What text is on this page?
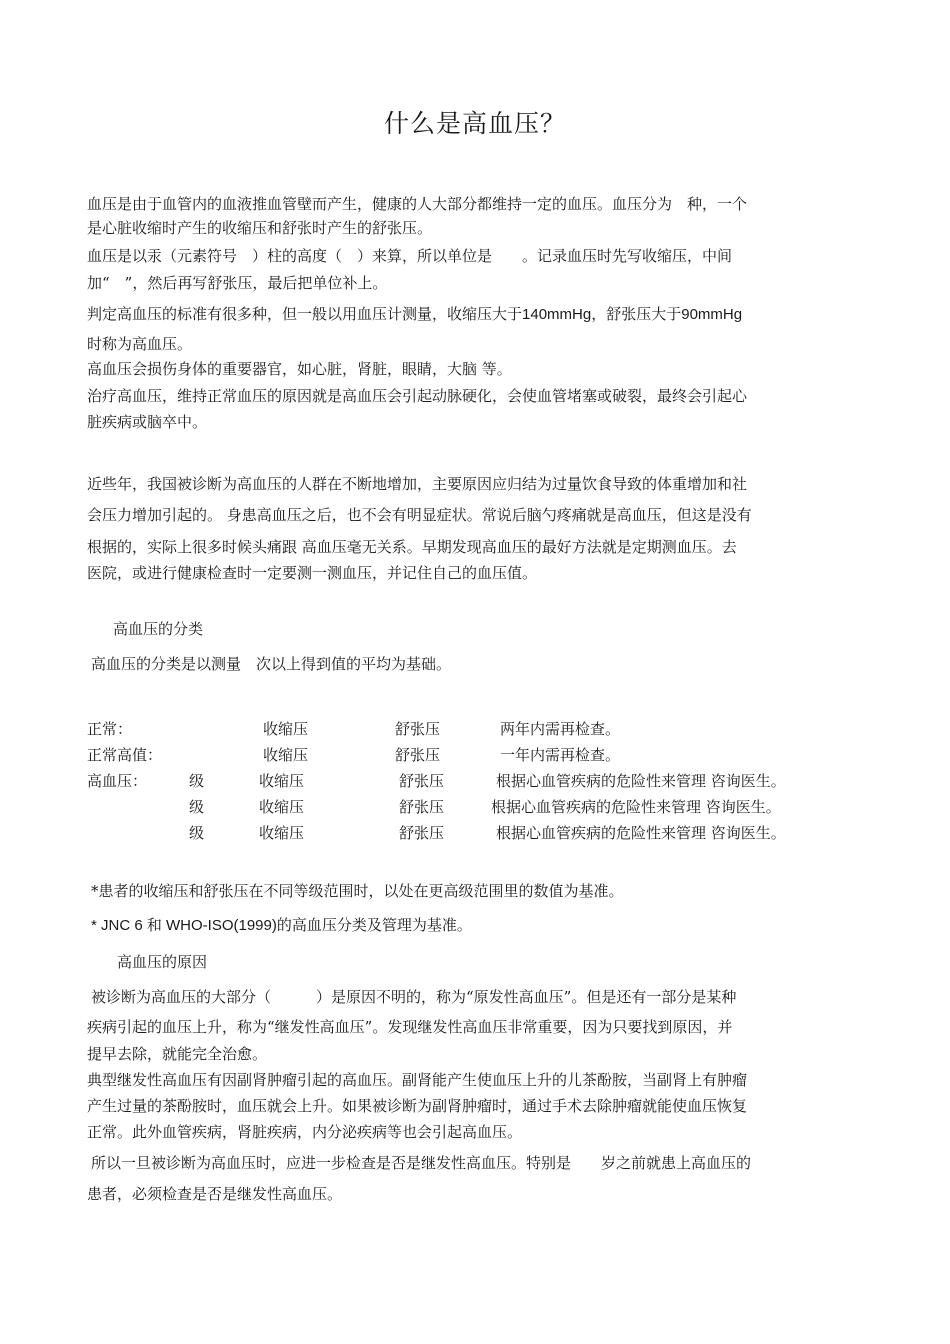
什么是高血压？
血压是由于血管内的血液推血管壁而产生，健康的人大部分都维持一定的血压。血压分为　种，一个
是心脏收缩时产生的收缩压和舒张时产生的舒张压。
血压是以汞（元素符号　）柱的高度（　）来算，所以单位是　　。记录血压时先写收缩压，中间
加“　”，然后再写舒张压，最后把单位补上。
判定高血压的标准有很多种，但一般以用血压计测量，收缩压大于140mmHg，舒张压大于90mmHg
时称为高血压。
高血压会损伤身体的重要器官，如心脏，肾脏，眼睛，大脑 等。
治疗高血压，维持正常血压的原因就是高血压会引起动脉硬化，会使血管堵塞或破裂，最终会引起心
脏疾病或脑卒中。
近些年，我国被诊断为高血压的人群在不断地增加，主要原因应归结为过量饮食导致的体重增加和社
会压力增加引起的。 身患高血压之后，也不会有明显症状。常说后脑勺疼痛就是高血压，但这是没有
根据的，实际上很多时候头痛跟 高血压毫无关系。早期发现高血压的最好方法就是定期测血压。去
医院，或进行健康检查时一定要测一测血压，并记住自己的血压值。
高血压的分类
高血压的分类是以测量　次以上得到值的平均为基础。
正常：	收缩压	舒张压	两年内需再检查。
正常高值：	收缩压	舒张压	一年内需再检查。
高血压：	级	收缩压	舒张压	根据心血管疾病的危险性来管理 咨询医生。
级	收缩压	舒张压	根据心血管疾病的危险性来管理 咨询医生。
级	收缩压	舒张压	根据心血管疾病的危险性来管理 咨询医生。
*患者的收缩压和舒张压在不同等级范围时，以处在更高级范围里的数值为基准。
* JNC 6 和 WHO-ISO(1999)的高血压分类及管理为基准。
高血压的原因
被诊断为高血压的大部分（　　　）是原因不明的，称为“原发性高血压”。但是还有一部分是某种
疾病引起的血压上升，称为“继发性高血压”。发现继发性高血压非常重要，因为只要找到原因，并
提早去除，就能完全治愈。
典型继发性高血压有因副肾肿瘤引起的高血压。副肾能产生使血压上升的儿茶酚胺，当副肾上有肿瘤
产生过量的茶酚胺时，血压就会上升。如果被诊断为副肾肿瘤时，通过手术去除肿瘤就能使血压恢复
正常。此外血管疾病，肾脏疾病，内分泌疾病等也会引起高血压。
所以一旦被诊断为高血压时，应进一步检查是否是继发性高血压。特别是　　岁之前就患上高血压的
患者，必须检查是否是继发性高血压。
